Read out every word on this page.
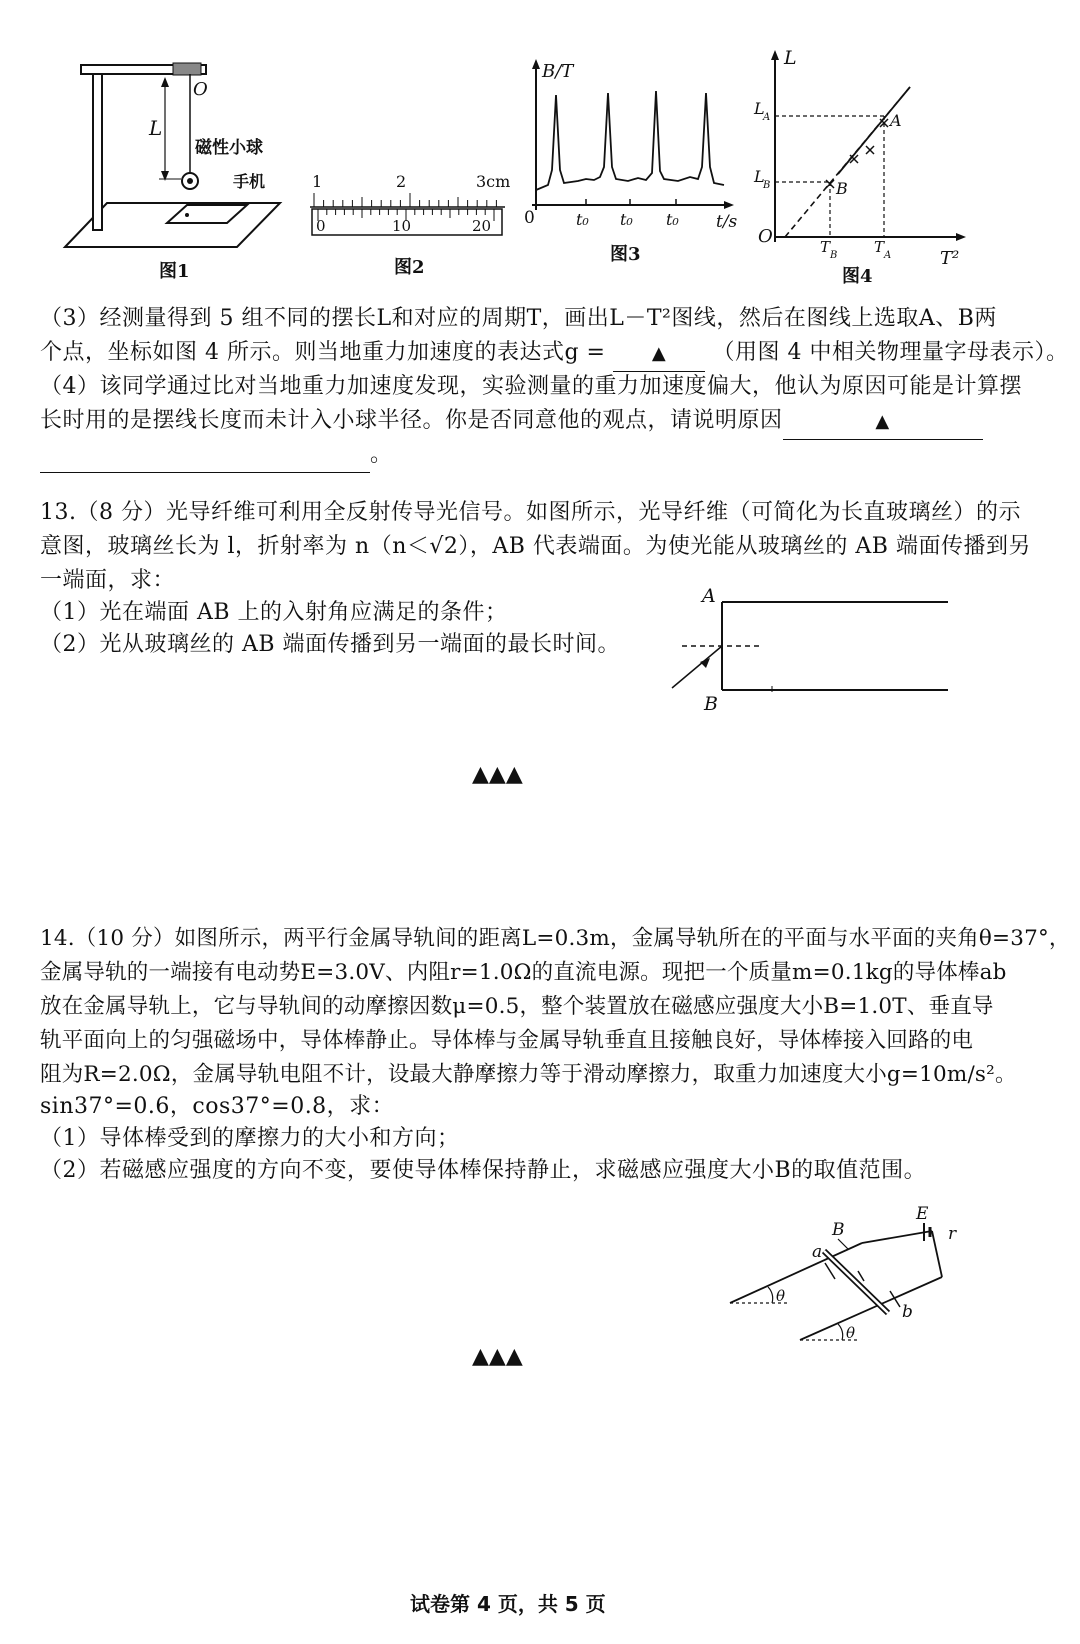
L
O
磁性小球
手机
图1
1	2	3cm
0	10	20
图2
B/T
t/s
0	t₀ t₀ t₀
图3
L
O
T²
L
A
L
B
T B T A
A
B
图4
（3）经测量得到 5 组不同的摆长L和对应的周期T，画出L－T²图线，然后在图线上选取A、B两
个点，坐标如图 4 所示。则当地重力加速度的表达式g =	▲ （用图 4 中相关物理量字母表示）。
（4）该同学通过比对当地重力加速度发现，实验测量的重力加速度偏大，他认为原因可能是计算摆
长时用的是摆线长度而未计入小球半径。你是否同意他的观点，请说明原因	▲
。
13.（8 分）光导纤维可利用全反射传导光信号。如图所示，光导纤维（可简化为长直玻璃丝）的示
意图，玻璃丝长为 l，折射率为 n（n＜√2），AB 代表端面。为使光能从玻璃丝的 AB 端面传播到另
一端面，求：
（1）光在端面 AB 上的入射角应满足的条件；
（2）光从玻璃丝的 AB 端面传播到另一端面的最长时间。
A
B
▲▲▲
14.（10 分）如图所示，两平行金属导轨间的距离L=0.3m，金属导轨所在的平面与水平面的夹角θ=37°，
金属导轨的一端接有电动势E=3.0V、内阻r=1.0Ω的直流电源。现把一个质量m=0.1kg的导体棒ab
放在金属导轨上，它与导轨间的动摩擦因数μ=0.5，整个装置放在磁感应强度大小B=1.0T、垂直导
轨平面向上的匀强磁场中，导体棒静止。导体棒与金属导轨垂直且接触良好，导体棒接入回路的电
阻为R=2.0Ω，金属导轨电阻不计，设最大静摩擦力等于滑动摩擦力，取重力加速度大小g=10m/s²。
sin37°=0.6，cos37°=0.8，求：
（1）导体棒受到的摩擦力的大小和方向；
（2）若磁感应强度的方向不变，要使导体棒保持静止，求磁感应强度大小B的取值范围。
B
E
r
a
b
θ
θ
▲▲▲
试卷第 4 页，共 5 页
